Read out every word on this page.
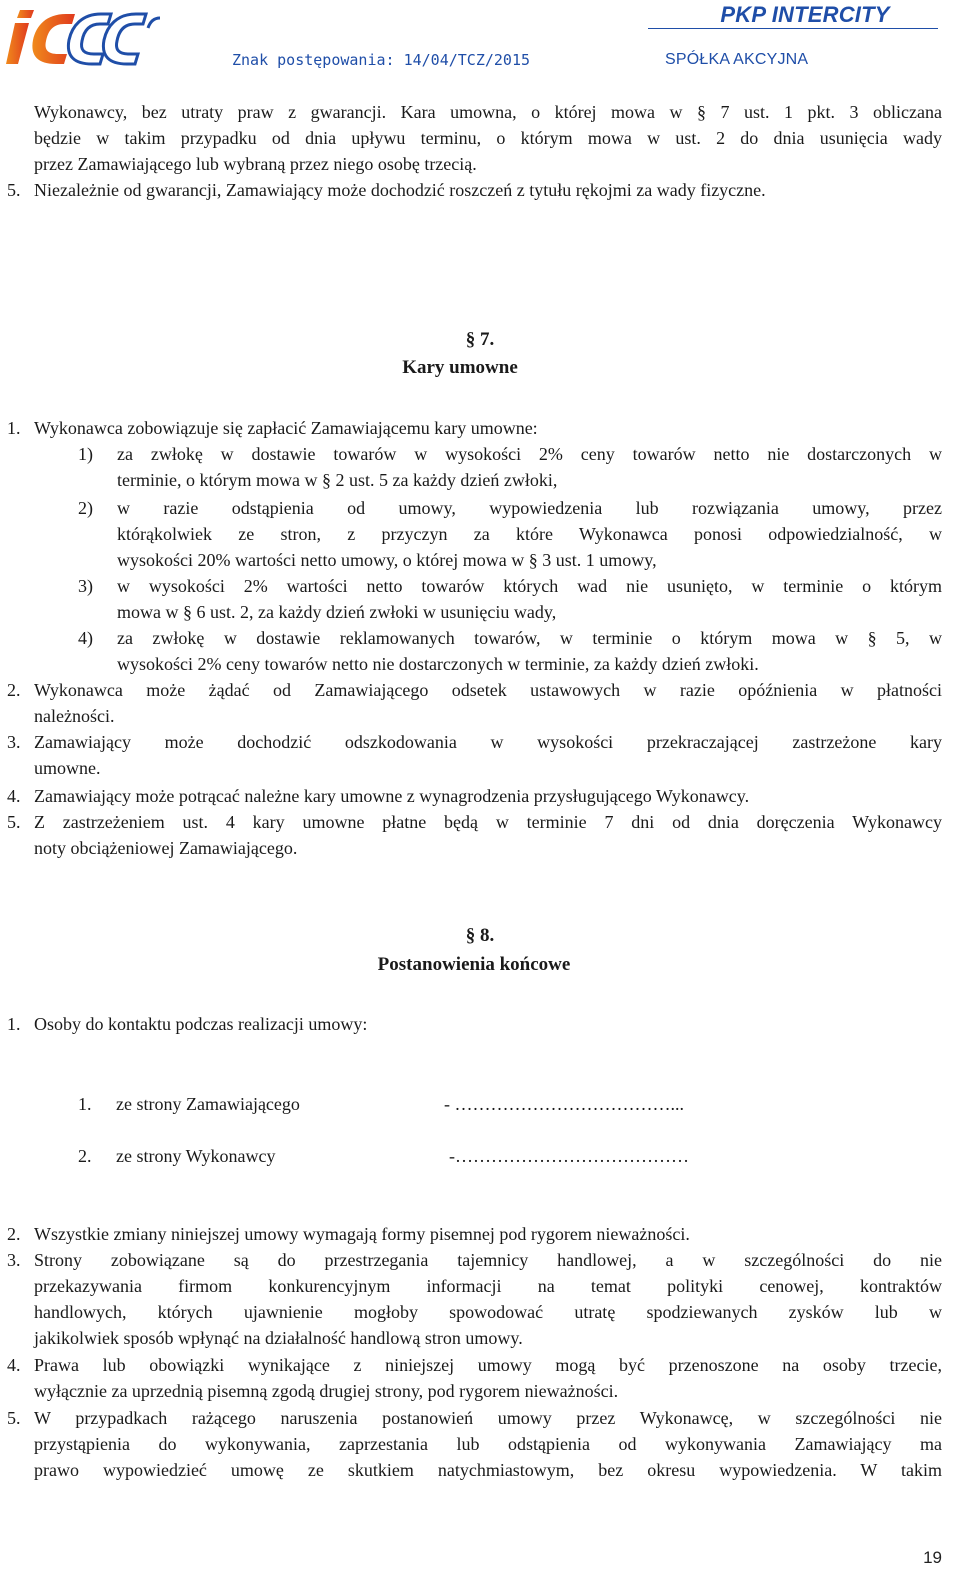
PKP INTERCITY
Znak postępowania: 14/04/TCZ/2015	SPÓŁKA AKCYJNA
Wykonawcy, bez utraty praw z gwarancji. Kara umowna, o której mowa w § 7 ust. 1 pkt. 3 obliczana
będzie w takim przypadku od dnia upływu terminu, o którym mowa w ust. 2 do dnia usunięcia wady
przez Zamawiającego lub wybraną przez niego osobę trzecią.
5. Niezależnie od gwarancji, Zamawiający może dochodzić roszczeń z tytułu rękojmi za wady fizyczne.
§ 7.
Kary umowne
1. Wykonawca zobowiązuje się zapłacić Zamawiającemu kary umowne:
1) za zwłokę w dostawie towarów w wysokości 2% ceny towarów netto nie dostarczonych w
terminie, o którym mowa w § 2 ust. 5 za każdy dzień zwłoki,
2) w razie odstąpienia od umowy, wypowiedzenia lub rozwiązania umowy, przez
którąkolwiek ze stron, z przyczyn za które Wykonawca ponosi odpowiedzialność, w
wysokości 20% wartości netto umowy, o której mowa w § 3 ust. 1 umowy,
3) w wysokości 2% wartości netto towarów których wad nie usunięto, w terminie o którym
mowa w § 6 ust. 2, za każdy dzień zwłoki w usunięciu wady,
4) za zwłokę w dostawie reklamowanych towarów, w terminie o którym mowa w § 5, w
wysokości 2% ceny towarów netto nie dostarczonych w terminie, za każdy dzień zwłoki.
2. Wykonawca może żądać od Zamawiającego odsetek ustawowych w razie opóźnienia w płatności
należności.
3. Zamawiający może dochodzić odszkodowania w wysokości przekraczającej zastrzeżone kary
umowne.
4. Zamawiający może potrącać należne kary umowne z wynagrodzenia przysługującego Wykonawcy.
5. Z zastrzeżeniem ust. 4 kary umowne płatne będą w terminie 7 dni od dnia doręczenia Wykonawcy
noty obciążeniowej Zamawiającego.
§ 8.
Postanowienia końcowe
1. Osoby do kontaktu podczas realizacji umowy:
1. ze strony Zamawiającego	- ………………………………...
2. ze strony Wykonawcy	-…………………………………
2. Wszystkie zmiany niniejszej umowy wymagają formy pisemnej pod rygorem nieważności.
3. Strony zobowiązane są do przestrzegania tajemnicy handlowej, a w szczególności do nie
przekazywania firmom konkurencyjnym informacji na temat polityki cenowej, kontraktów
handlowych, których ujawnienie mogłoby spowodować utratę spodziewanych zysków lub w
jakikolwiek sposób wpłynąć na działalność handlową stron umowy.
4. Prawa lub obowiązki wynikające z niniejszej umowy mogą być przenoszone na osoby trzecie,
wyłącznie za uprzednią pisemną zgodą drugiej strony, pod rygorem nieważności.
5. W przypadkach rażącego naruszenia postanowień umowy przez Wykonawcę, w szczególności nie
przystąpienia do wykonywania, zaprzestania lub odstąpienia od wykonywania Zamawiający ma
prawo wypowiedzieć umowę ze skutkiem natychmiastowym, bez okresu wypowiedzenia. W takim
19
